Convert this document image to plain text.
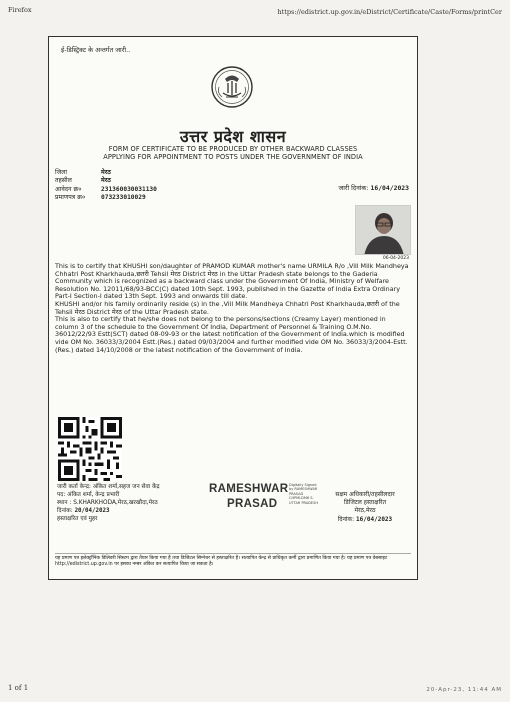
Firefox	https://edistrict.up.gov.in/eDistrict/Certificate/Caste/Forms/printCer
ई-डिस्ट्रिक्ट के अन्तर्गत जारी..
उत्तर प्रदेश शासन
FORM OF CERTIFICATE TO BE PRODUCED BY OTHER BACKWARD CLASSES
APPLYING FOR APPOINTMENT TO POSTS UNDER THE GOVERNMENT OF INDIA
जिला	मेरठ
तहसील	मेरठ
आवेदन क्र०	231360030031130
प्रमाणपत्र क्र०	073233010029
जारी दिनांक: 16/04/2023
06-04-2023

This is to certify that KHUSHI son/daughter of PRAMOD KUMAR mother's name URMILA R/o ,Vill Milk Mandheya Chhatri Post Kharkhauda,छतरी Tehsil मेरठ District मेरठ in the Uttar Pradesh state belongs to the Gaderia Community which is recognized as a backward class under the Government Of India, Ministry of Welfare Resolution No. 12011/68/93-BCC(C) dated 10th Sept. 1993, published in the Gazette of India Extra Ordinary Part-I Section-I dated 13th Sept. 1993 and onwards till date.

KHUSHI and/or his family ordinarily reside (s) in the ,Vill Milk Mandheya Chhatri Post Kharkhauda,छतरी of the Tehsil मेरठ District मेरठ of the Uttar Pradesh state.

This is also to certify that he/she does not belong to the persons/sections (Creamy Layer) mentioned in column 3 of the schedule to the Government Of India, Department of Personnel & Training O.M.No. 36012/22/93 Estt(SCT) dated 08-09-93 or the latest notification of the Government of India.which is modified vide OM No. 36033/3/2004 Estt.(Res.) dated 09/03/2004 and further modified vide OM No. 36033/3/2004-Estt. (Res.) dated 14/10/2008 or the latest notification of the Government of India.

जारी कर्ता केन्द्र: अंकित शर्मा,सहज जन सेवा केंद्र
पद: अंकित शर्मा, केन्द्र प्रभारी
स्थान : S.KHARKHODA,मेरठ,खरखौदा,मेरठ
दिनांक: 20/04/2023
हस्ताक्षरित एवं मुहर
RAMESHWAR
PRASAD
Digitally Signed by RAMESHWAR PRASAD CHPMLDM6 S-UTTAR PRADESH
सक्षम अधिकारी/तहसीलदार
डिजिटल हस्ताक्षरित
मेरठ,मेरठ
दिनांक: 16/04/2023
यह प्रमाण पत्र इलेक्ट्रॉनिक डिलिवरी सिस्टम द्वारा तैयार किया गया है तथा डिजिटल सिग्नेचर से हस्ताक्षरित है। सत्यापित केन्द्र से प्राधिकृत कर्मी द्वारा प्रमाणित किया गया है। यह प्रमाण पत्र वेबसाइट http://edistrict.up.gov.in पर इसका नम्बर अंकित कर सत्यापित किया जा सकता है।
1 of 1	20-Apr-23, 11:44 AM
